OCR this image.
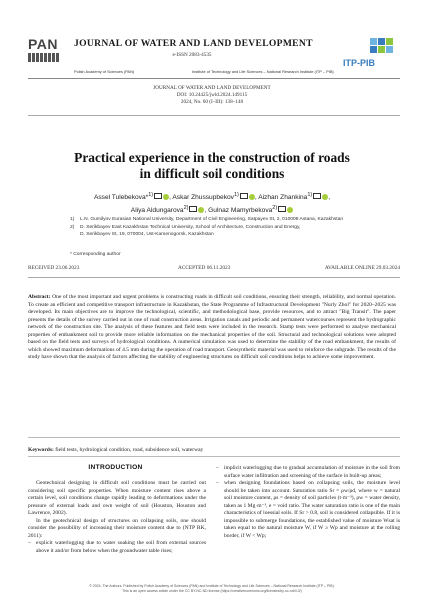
PAN	JOURNAL OF WATER AND LAND DEVELOPMENT
e-ISSN 2083-4535
Polish Academy of Sciences (PAN)	Institute of Technology and Life Sciences – National Research Institute (ITP – PIB)
ITP-PIB
JOURNAL OF WATER AND LAND DEVELOPMENT
DOI: 10.24425/jwld.2024.149115
2024, No. 60 (I–III): 138–148
Practical experience in the construction of roads
in difficult soil conditions
Assel Tulebekova*$^{1)}$ , Askar Zhussupbekov$^{1)}$ , Aizhan Zhankina$^{1)}$ ,
Aliya Aldungarova$^{2)}$ , Gulnaz Mamyrbekova$^{2)}$
1)	L.N. Gumilyov Eurasian National University, Department of Civil Engineering, Satpayev St, 2, 010008 Astana, Kazakhstan
2)	D. Serikbayev East Kazakhstan Technical University, School of Architecture, Construction and Energy,
D. Serikbayev St, 19, 070004, Ust-Kamenogorsk, Kazakhstan
* Corresponding author
RECEIVED 23.06.2023	ACCEPTED 06.11.2023	AVAILABLE ONLINE 29.03.2024
Abstract: One of the most important and urgent problems is constructing roads in difficult soil conditions, ensuring their strength, reliability, and normal operation. To create an efficient and competitive transport infrastructure in Kazakhstan, the State Programme of Infrastructural Development "Nurly Zhol" for 2020–2025 was developed. Its main objectives are to improve the technological, scientific, and methodological base, provide resources, and to attract "Big Transit". The paper presents the details of the survey carried out in one of road construction areas. Irrigation canals and periodic and permanent watercourses represent the hydrographic network of the construction site. The analysis of these features and field tests were included in the research. Stamp tests were performed to analyse mechanical properties of embankment soil to provide more reliable information on the mechanical properties of the soil. Structural and technological solutions were adopted based on the field tests and surveys of hydrological conditions. A numerical simulation was used to determine the stability of the road embankment, the results of which showed maximum deformations of 4.5 mm during the operation of road transport. Geosynthetic material was used to reinforce the subgrade. The results of the study have shown that the analysis of factors affecting the stability of engineering structures on difficult soil conditions helps to achieve some improvement.
Keywords: field tests, hydrological condition, road, subsidence soil, waterway
INTRODUCTION

Geotechnical designing in difficult soil conditions must be carried out considering soil specific properties. When moisture content rises above a certain level, soil conditions change rapidly leading to deformations under the pressure of external loads and own weight of soil (Houston, Houston and Lawrence, 2002).

In the geotechnical design of structures on collapsing soils, one should consider the possibility of increasing their moisture content due to (NTP RK, 2011):

– explicit waterlogging due to water soaking the soil from external sources above it and/or from below when the groundwater table rises;
– implicit waterlogging due to gradual accumulation of moisture in the soil from surface water infiltration and screening of the surface in built-up areas;
– when designing foundations based on collapsing soils, the moisture level should be taken into account. Saturation ratio Sr = ρw/ρd, where w = natural soil moisture content, ρs = density of soil particles (t·m⁻³), ρw = water density, taken as 1 Mg·m⁻³, e = void ratio. The water saturation ratio is one of the main characteristics of loessial soils. If Sr > 0.8, soil is considered collapsible. If it is impossible to submerge foundations, the established value of moisture Wsat is taken equal to the natural moisture W, if W ≥ Wp and moisture at the rolling border, if W < Wp;
© 2024. The Authors. Published by Polish Academy of Sciences (PAN) and Institute of Technology and Life Sciences – National Research Institute (ITP – PIB).
This is an open access article under the CC BY-NC-ND license (https://creativecommons.org/licenses/by-nc-nd/4.0/)
